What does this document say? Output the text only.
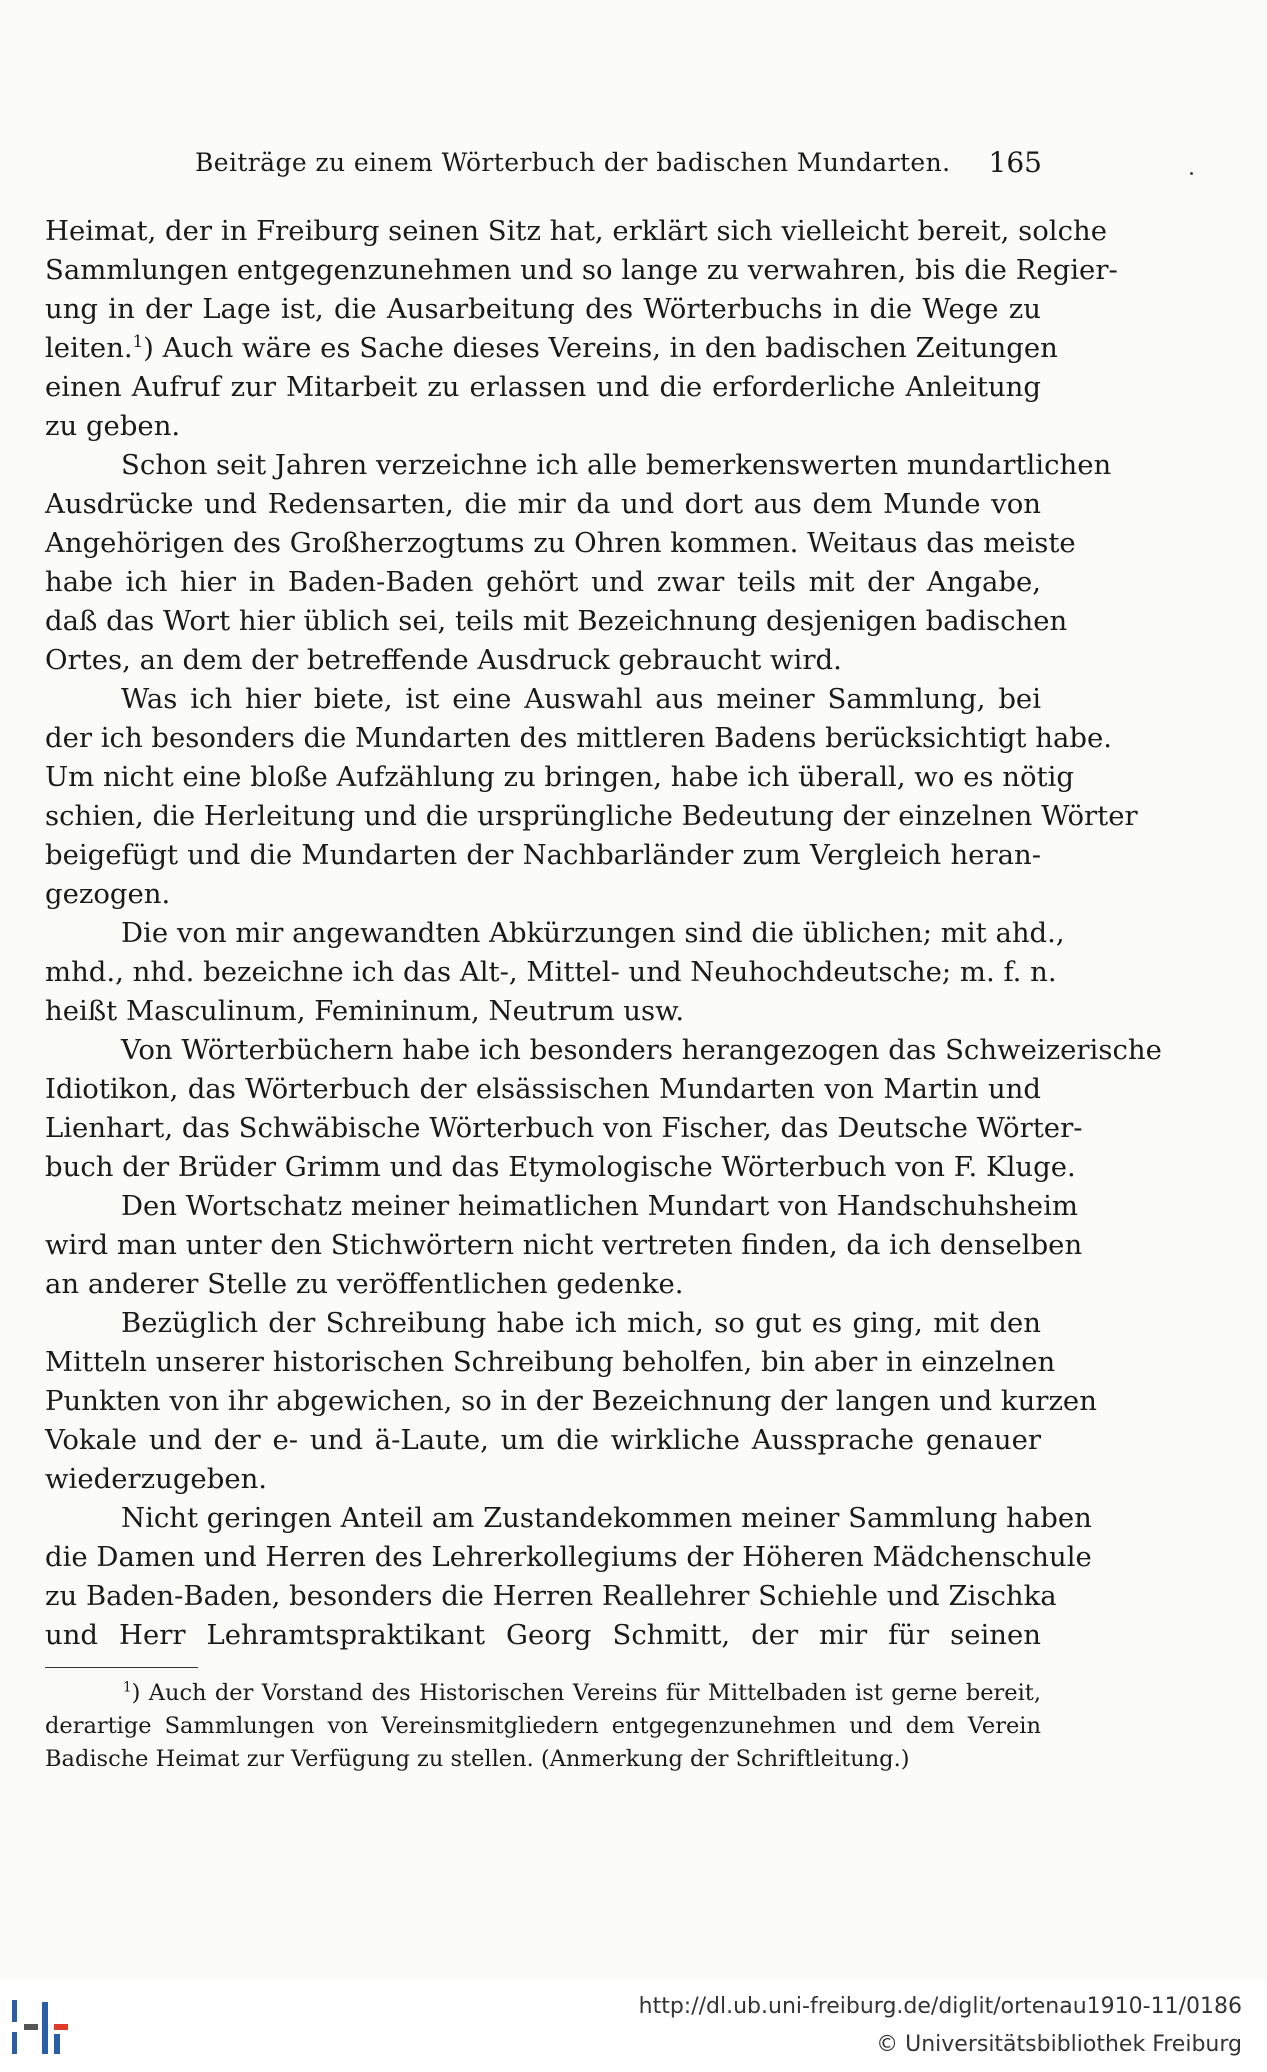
Beiträge zu einem Wörterbuch der badischen Mundarten. 165
Heimat, der in Freiburg seinen Sitz hat, erklärt sich vielleicht bereit, solche
Sammlungen entgegenzunehmen und so lange zu verwahren, bis die Regier-
ung in der Lage ist, die Ausarbeitung des Wörterbuchs in die Wege zu
leiten.$^1$) Auch wäre es Sache dieses Vereins, in den badischen Zeitungen
einen Aufruf zur Mitarbeit zu erlassen und die erforderliche Anleitung
zu geben.
Schon seit Jahren verzeichne ich alle bemerkenswerten mundartlichen
Ausdrücke und Redensarten, die mir da und dort aus dem Munde von
Angehörigen des Großherzogtums zu Ohren kommen. Weitaus das meiste
habe ich hier in Baden-Baden gehört und zwar teils mit der Angabe,
daß das Wort hier üblich sei, teils mit Bezeichnung desjenigen badischen
Ortes, an dem der betreffende Ausdruck gebraucht wird.
Was ich hier biete, ist eine Auswahl aus meiner Sammlung, bei
der ich besonders die Mundarten des mittleren Badens berücksichtigt habe.
Um nicht eine bloße Aufzählung zu bringen, habe ich überall, wo es nötig
schien, die Herleitung und die ursprüngliche Bedeutung der einzelnen Wörter
beigefügt und die Mundarten der Nachbarländer zum Vergleich heran-
gezogen.
Die von mir angewandten Abkürzungen sind die üblichen; mit ahd.,
mhd., nhd. bezeichne ich das Alt-, Mittel- und Neuhochdeutsche; m. f. n.
heißt Masculinum, Femininum, Neutrum usw.
Von Wörterbüchern habe ich besonders herangezogen das Schweizerische
Idiotikon, das Wörterbuch der elsässischen Mundarten von Martin und
Lienhart, das Schwäbische Wörterbuch von Fischer, das Deutsche Wörter-
buch der Brüder Grimm und das Etymologische Wörterbuch von F. Kluge.
Den Wortschatz meiner heimatlichen Mundart von Handschuhsheim
wird man unter den Stichwörtern nicht vertreten finden, da ich denselben
an anderer Stelle zu veröffentlichen gedenke.
Bezüglich der Schreibung habe ich mich, so gut es ging, mit den
Mitteln unserer historischen Schreibung beholfen, bin aber in einzelnen
Punkten von ihr abgewichen, so in der Bezeichnung der langen und kurzen
Vokale und der e- und ä-Laute, um die wirkliche Aussprache genauer
wiederzugeben.
Nicht geringen Anteil am Zustandekommen meiner Sammlung haben
die Damen und Herren des Lehrerkollegiums der Höheren Mädchenschule
zu Baden-Baden, besonders die Herren Reallehrer Schiehle und Zischka
und Herr Lehramtspraktikant Georg Schmitt, der mir für seinen
$^1$) Auch der Vorstand des Historischen Vereins für Mittelbaden ist gerne bereit,
derartige Sammlungen von Vereinsmitgliedern entgegenzunehmen und dem Verein
Badische Heimat zur Verfügung zu stellen. (Anmerkung der Schriftleitung.)
http://dl.ub.uni-freiburg.de/diglit/ortenau1910-11/0186
© Universitätsbibliothek Freiburg
